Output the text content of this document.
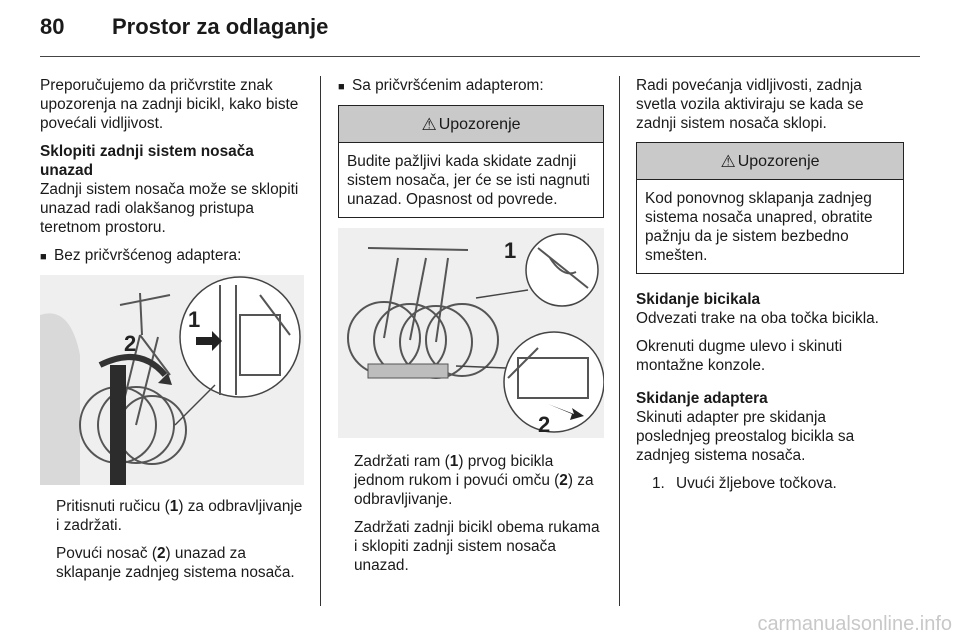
80 Prostor za odlaganje

Preporučujemo da pričvrstite znak upozorenja na zadnji bicikl, kako biste povećali vidljivost.

Sklopiti zadnji sistem nosača unazad
Zadnji sistem nosača može se sklopiti unazad radi olakšanog pristupa teretnom prostoru.

■ Bez pričvršćenog adaptera:
1
2

Pritisnuti ručicu (1) za odbravljivanje i zadržati.

Povući nosač (2) unazad za sklapanje zadnjeg sistema nosača.

■ Sa pričvršćenim adapterom:
⚠ Upozorenje
Budite pažljivi kada skidate zadnji sistem nosača, jer će se isti nagnuti unazad. Opasnost od povrede.
1
2

Zadržati ram (1) prvog bicikla jednom rukom i povući omču (2) za odbravljivanje.

Zadržati zadnji bicikl obema rukama i sklopiti zadnji sistem nosača unazad.

Radi povećanja vidljivosti, zadnja svetla vozila aktiviraju se kada se zadnji sistem nosača sklopi.

⚠ Upozorenje
Kod ponovnog sklapanja zadnjeg sistema nosača unapred, obratite pažnju da je sistem bezbedno smešten.

Skidanje bicikala
Odvezati trake na oba točka bicikla.

Okrenuti dugme ulevo i skinuti montažne konzole.

Skidanje adaptera
Skinuti adapter pre skidanja poslednjeg preostalog bicikla sa zadnjeg sistema nosača.

1. Uvući žljebove točkova.
carmanualsonline.info
